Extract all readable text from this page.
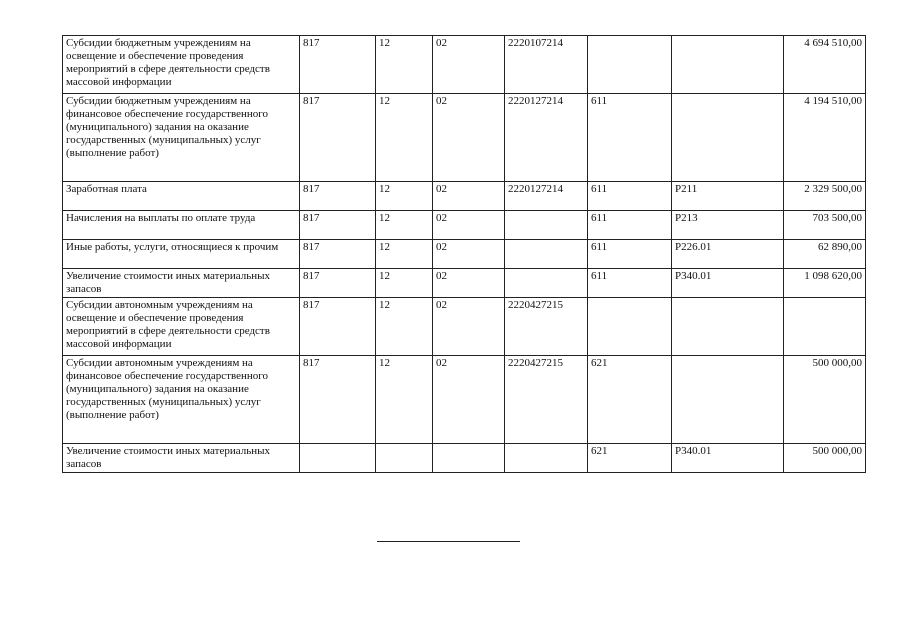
Субсидии бюджетным учреждениям на освещение и обеспечение проведения мероприятий в сфере деятельности средств массовой информации	817	12	02	2220107214			4 694 510,00
Субсидии бюджетным учреждениям на финансовое обеспечение государственного (муниципального) задания на оказание государственных (муниципальных) услуг (выполнение работ)	817	12	02	2220127214	611		4 194 510,00
Заработная плата	817	12	02	2220127214	611	Р211	2 329 500,00
Начисления на выплаты по оплате труда	817	12	02		611	Р213	703 500,00
Иные работы, услуги, относящиеся к прочим	817	12	02		611	Р226.01	62 890,00
Увеличение стоимости иных материальных запасов	817	12	02		611	Р340.01	1 098 620,00
Субсидии автономным учреждениям на освещение и обеспечение проведения мероприятий в сфере деятельности средств массовой информации	817	12	02	2220427215			
Субсидии автономным учреждениям на финансовое обеспечение государственного (муниципального) задания на оказание государственных (муниципальных) услуг (выполнение работ)	817	12	02	2220427215	621		500 000,00
Увеличение стоимости иных материальных запасов					621	Р340.01	500 000,00
